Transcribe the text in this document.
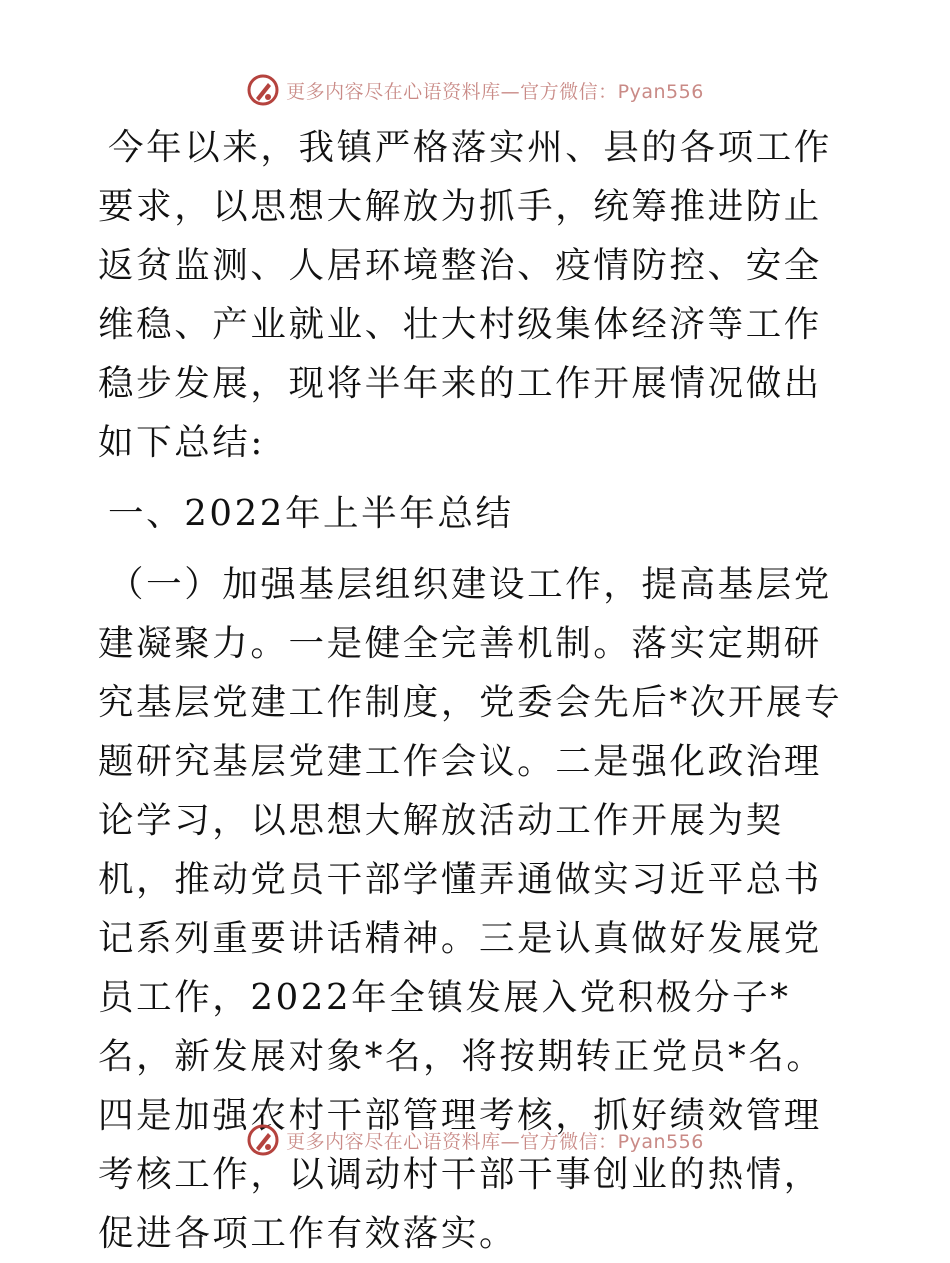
更多内容尽在心语资料库—官方微信：Pyan556

今年以来，我镇严格落实州、县的各项工作要求，以思想大解放为抓手，统筹推进防止返贫监测、人居环境整治、疫情防控、安全维稳、产业就业、壮大村级集体经济等工作稳步发展，现将半年来的工作开展情况做出如下总结:

一、2022年上半年总结

（一）加强基层组织建设工作，提高基层党建凝聚力。一是健全完善机制。落实定期研究基层党建工作制度，党委会先后*次开展专题研究基层党建工作会议。二是强化政治理论学习，以思想大解放活动工作开展为契机，推动党员干部学懂弄通做实习近平总书记系列重要讲话精神。三是认真做好发展党员工作，2022年全镇发展入党积极分子*名，新发展对象*名，将按期转正党员*名。四是加强农村干部管理考核，抓好绩效管理考核工作，以调动村干部干事创业的热情，促进各项工作有效落实。

更多内容尽在心语资料库—官方微信：Pyan556
